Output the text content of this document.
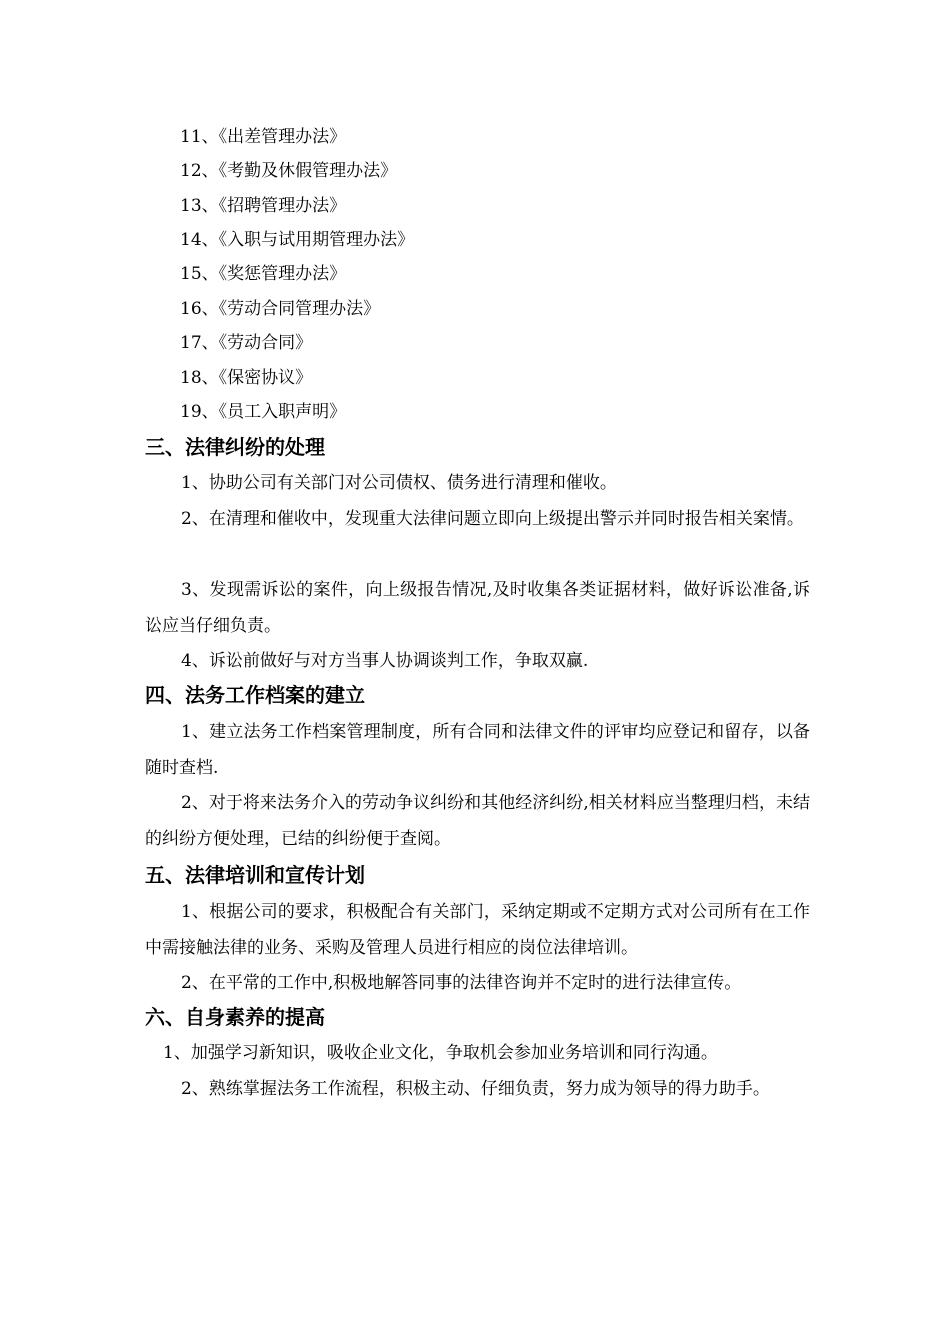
11、《出差管理办法》
12、《考勤及休假管理办法》
13、《招聘管理办法》
14、《入职与试用期管理办法》
15、《奖惩管理办法》
16、《劳动合同管理办法》
17、《劳动合同》
18、《保密协议》
19、《员工入职声明》
三、法律纠纷的处理
1、协助公司有关部门对公司债权、债务进行清理和催收。
2、在清理和催收中，发现重大法律问题立即向上级提出警示并同时报告相关案情。
3、发现需诉讼的案件，向上级报告情况,及时收集各类证据材料，做好诉讼准备,诉讼应当仔细负责。
4、诉讼前做好与对方当事人协调谈判工作，争取双赢.
四、法务工作档案的建立
1、建立法务工作档案管理制度，所有合同和法律文件的评审均应登记和留存，以备随时查档.
2、对于将来法务介入的劳动争议纠纷和其他经济纠纷,相关材料应当整理归档，未结的纠纷方便处理，已结的纠纷便于查阅。
五、法律培训和宣传计划
1、根据公司的要求，积极配合有关部门，采纳定期或不定期方式对公司所有在工作中需接触法律的业务、采购及管理人员进行相应的岗位法律培训。
2、在平常的工作中,积极地解答同事的法律咨询并不定时的进行法律宣传。
六、自身素养的提高
1、加强学习新知识，吸收企业文化，争取机会参加业务培训和同行沟通。
2、熟练掌握法务工作流程，积极主动、仔细负责，努力成为领导的得力助手。
